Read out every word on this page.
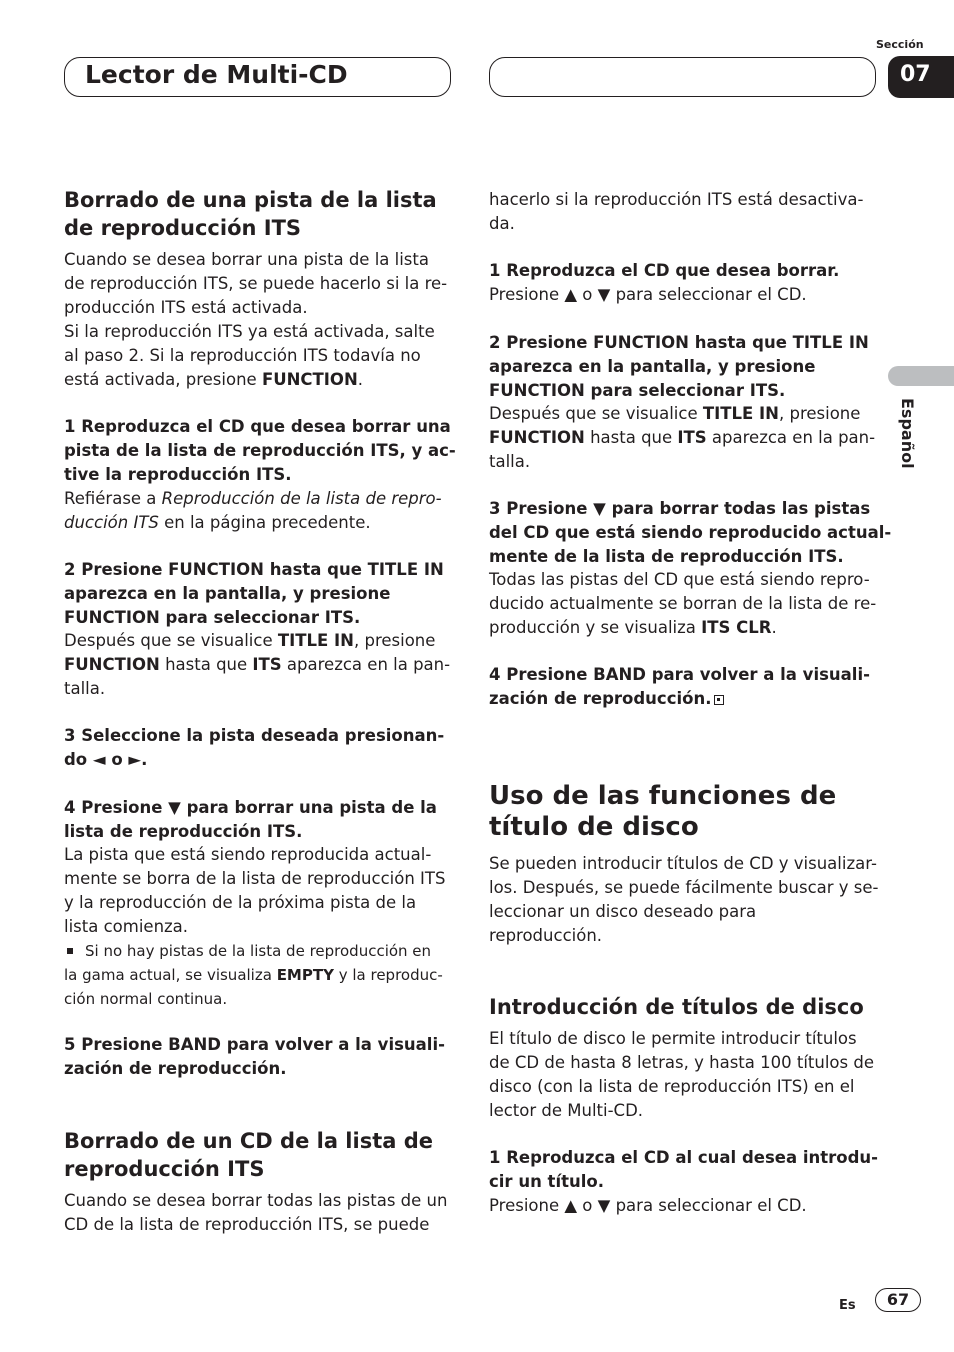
Lector de Multi-CD
Sección
07
Español
Borrado de una pista de la lista
de reproducción ITS
Cuando se desea borrar una pista de la lista
de reproducción ITS, se puede hacerlo si la re-
producción ITS está activada.
Si la reproducción ITS ya está activada, salte
al paso 2. Si la reproducción ITS todavía no
está activada, presione FUNCTION.
1 Reproduzca el CD que desea borrar una
pista de la lista de reproducción ITS, y ac-
tive la reproducción ITS.
Refiérase a Reproducción de la lista de repro-
ducción ITS en la página precedente.
2 Presione FUNCTION hasta que TITLE IN
aparezca en la pantalla, y presione
FUNCTION para seleccionar ITS.
Después que se visualice TITLE IN, presione
FUNCTION hasta que ITS aparezca en la pan-
talla.
3 Seleccione la pista deseada presionan-
do ◄ o ►.
4 Presione ▼ para borrar una pista de la
lista de reproducción ITS.
La pista que está siendo reproducida actual-
mente se borra de la lista de reproducción ITS
y la reproducción de la próxima pista de la
lista comienza.
Si no hay pistas de la lista de reproducción en
la gama actual, se visualiza EMPTY y la reproduc-
ción normal continua.
5 Presione BAND para volver a la visuali-
zación de reproducción.
Borrado de un CD de la lista de
reproducción ITS
Cuando se desea borrar todas las pistas de un
CD de la lista de reproducción ITS, se puede
hacerlo si la reproducción ITS está desactiva-
da.
1 Reproduzca el CD que desea borrar.
Presione ▲ o ▼ para seleccionar el CD.
2 Presione FUNCTION hasta que TITLE IN
aparezca en la pantalla, y presione
FUNCTION para seleccionar ITS.
Después que se visualice TITLE IN, presione
FUNCTION hasta que ITS aparezca en la pan-
talla.
3 Presione ▼ para borrar todas las pistas
del CD que está siendo reproducido actual-
mente de la lista de reproducción ITS.
Todas las pistas del CD que está siendo repro-
ducido actualmente se borran de la lista de re-
producción y se visualiza ITS CLR.
4 Presione BAND para volver a la visuali-
zación de reproducción.
Uso de las funciones de
título de disco
Se pueden introducir títulos de CD y visualizar-
los. Después, se puede fácilmente buscar y se-
leccionar un disco deseado para
reproducción.
Introducción de títulos de disco
El título de disco le permite introducir títulos
de CD de hasta 8 letras, y hasta 100 títulos de
disco (con la lista de reproducción ITS) en el
lector de Multi-CD.
1 Reproduzca el CD al cual desea introdu-
cir un título.
Presione ▲ o ▼ para seleccionar el CD.
Es	67
